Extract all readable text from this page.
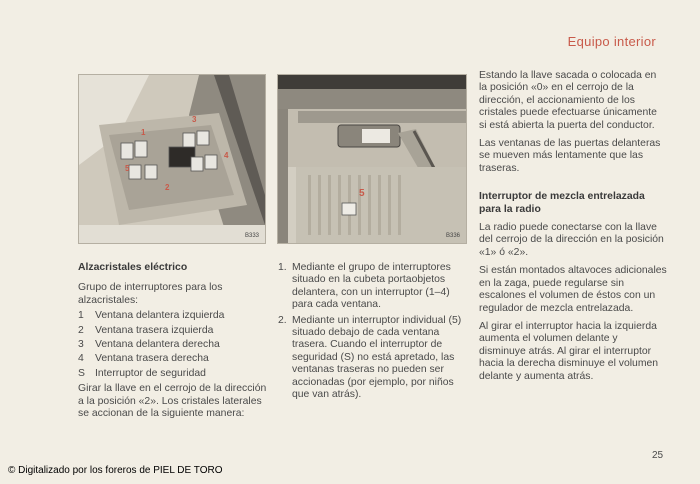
Equipo interior
1
5
2
3
4
B333
5
B336
Alzacristales eléctrico

Grupo de interruptores para los alzacristales:

1	Ventana delantera izquierda
2	Ventana trasera izquierda
3	Ventana delantera derecha
4	Ventana trasera derecha
S Interruptor de seguridad

Girar la llave en el cerrojo de la dirección a la posición «2». Los cristales laterales se accionan de la siguiente manera:

1. Mediante el grupo de interruptores situado en la cubeta portaobjetos delantera, con un interruptor (1–4) para cada ventana.
2. Mediante un interruptor individual (5) situado debajo de cada ventana trasera. Cuando el interruptor de seguridad (S) no está apretado, las ventanas traseras no pueden ser accionadas (por ejemplo, por niños que van atrás).

Estando la llave sacada o colocada en la posición «0» en el cerrojo de la dirección, el accionamiento de los cristales puede efectuarse únicamente si está abierta la puerta del conductor.

Las ventanas de las puertas delanteras se mueven más lentamente que las traseras.

Interruptor de mezcla entrelazada para la radio

La radio puede conectarse con la llave del cerrojo de la dirección en la posición «1» ó «2».

Si están montados altavoces adicionales en la zaga, puede regularse sin escalones el volumen de éstos con un regulador de mezcla entrelazada.

Al girar el interruptor hacia la izquierda aumenta el volumen delante y disminuye atrás. Al girar el interruptor hacia la derecha disminuye el volumen delante y aumenta atrás.

25
© Digitalizado por los foreros de PIEL DE TORO
